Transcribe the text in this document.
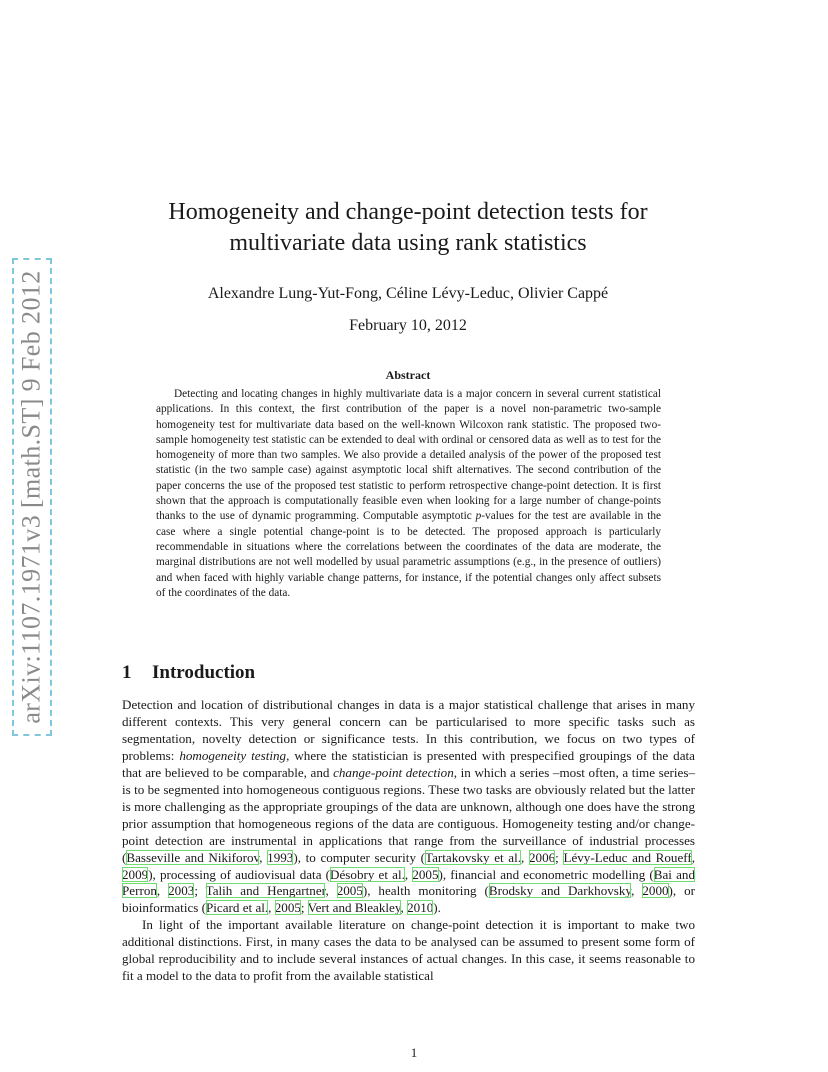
arXiv:1107.1971v3 [math.ST] 9 Feb 2012
Homogeneity and change-point detection tests for
multivariate data using rank statistics
Alexandre Lung-Yut-Fong, Céline Lévy-Leduc, Olivier Cappé
February 10, 2012
Abstract

Detecting and locating changes in highly multivariate data is a major concern in several current statistical applications. In this context, the first contribution of the paper is a novel non-parametric two-sample homogeneity test for multivariate data based on the well-known Wilcoxon rank statistic. The proposed two-sample homogeneity test statistic can be extended to deal with ordinal or censored data as well as to test for the homogeneity of more than two samples. We also provide a detailed analysis of the power of the proposed test statistic (in the two sample case) against asymptotic local shift alternatives. The second contribution of the paper concerns the use of the proposed test statistic to perform retrospective change-point detection. It is first shown that the approach is computationally feasible even when looking for a large number of change-points thanks to the use of dynamic programming. Computable asymptotic p-values for the test are available in the case where a single potential change-point is to be detected. The proposed approach is particularly recommendable in situations where the correlations between the coordinates of the data are moderate, the marginal distributions are not well modelled by usual parametric assumptions (e.g., in the presence of outliers) and when faced with highly variable change patterns, for instance, if the potential changes only affect subsets of the coordinates of the data.

1 Introduction

Detection and location of distributional changes in data is a major statistical challenge that arises in many different contexts. This very general concern can be particularised to more specific tasks such as segmentation, novelty detection or significance tests. In this contribution, we focus on two types of problems: homogeneity testing, where the statistician is presented with prespecified groupings of the data that are believed to be comparable, and change-point detection, in which a series –most often, a time series– is to be segmented into homogeneous contiguous regions. These two tasks are obviously related but the latter is more challenging as the appropriate groupings of the data are unknown, although one does have the strong prior assumption that homogeneous regions of the data are contiguous. Homogeneity testing and/or change-point detection are instrumental in applications that range from the surveillance of industrial processes (Basseville and Nikiforov, 1993), to computer security (Tartakovsky et al., 2006; Lévy-Leduc and Roueff, 2009), processing of audiovisual data (Désobry et al., 2005), financial and econometric modelling (Bai and Perron, 2003; Talih and Hengartner, 2005), health monitoring (Brodsky and Darkhovsky, 2000), or bioinformatics (Picard et al., 2005; Vert and Bleakley, 2010).

In light of the important available literature on change-point detection it is important to make two additional distinctions. First, in many cases the data to be analysed can be assumed to present some form of global reproducibility and to include several instances of actual changes. In this case, it seems reasonable to fit a model to the data to profit from the available statistical

1
